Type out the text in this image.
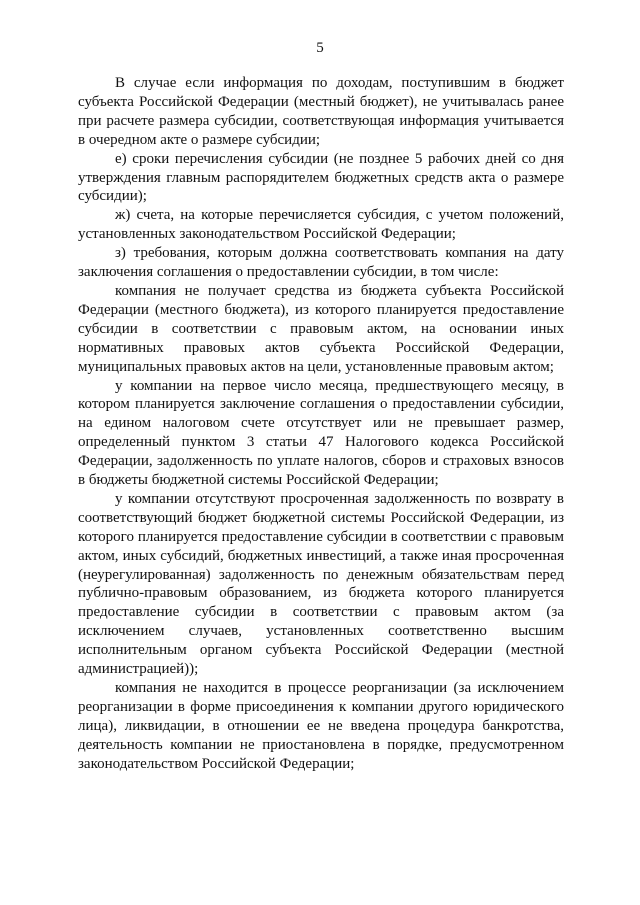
5

В случае если информация по доходам, поступившим в бюджет субъекта Российской Федерации (местный бюджет), не учитывалась ранее при расчете размера субсидии, соответствующая информация учитывается в очередном акте о размере субсидии;

е) сроки перечисления субсидии (не позднее 5 рабочих дней со дня утверждения главным распорядителем бюджетных средств акта о размере субсидии);

ж) счета, на которые перечисляется субсидия, с учетом положений, установленных законодательством Российской Федерации;

з) требования, которым должна соответствовать компания на дату заключения соглашения о предоставлении субсидии, в том числе:

компания не получает средства из бюджета субъекта Российской Федерации (местного бюджета), из которого планируется предоставление субсидии в соответствии с правовым актом, на основании иных нормативных правовых актов субъекта Российской Федерации, муниципальных правовых актов на цели, установленные правовым актом;

у компании на первое число месяца, предшествующего месяцу, в котором планируется заключение соглашения о предоставлении субсидии, на едином налоговом счете отсутствует или не превышает размер, определенный пунктом 3 статьи 47 Налогового кодекса Российской Федерации, задолженность по уплате налогов, сборов и страховых взносов в бюджеты бюджетной системы Российской Федерации;

у компании отсутствуют просроченная задолженность по возврату в соответствующий бюджет бюджетной системы Российской Федерации, из которого планируется предоставление субсидии в соответствии с правовым актом, иных субсидий, бюджетных инвестиций, а также иная просроченная (неурегулированная) задолженность по денежным обязательствам перед публично-правовым образованием, из бюджета которого планируется предоставление субсидии в соответствии с правовым актом (за исключением случаев, установленных соответственно высшим исполнительным органом субъекта Российской Федерации (местной администрацией));

компания не находится в процессе реорганизации (за исключением реорганизации в форме присоединения к компании другого юридического лица), ликвидации, в отношении ее не введена процедура банкротства, деятельность компании не приостановлена в порядке, предусмотренном законодательством Российской Федерации;
